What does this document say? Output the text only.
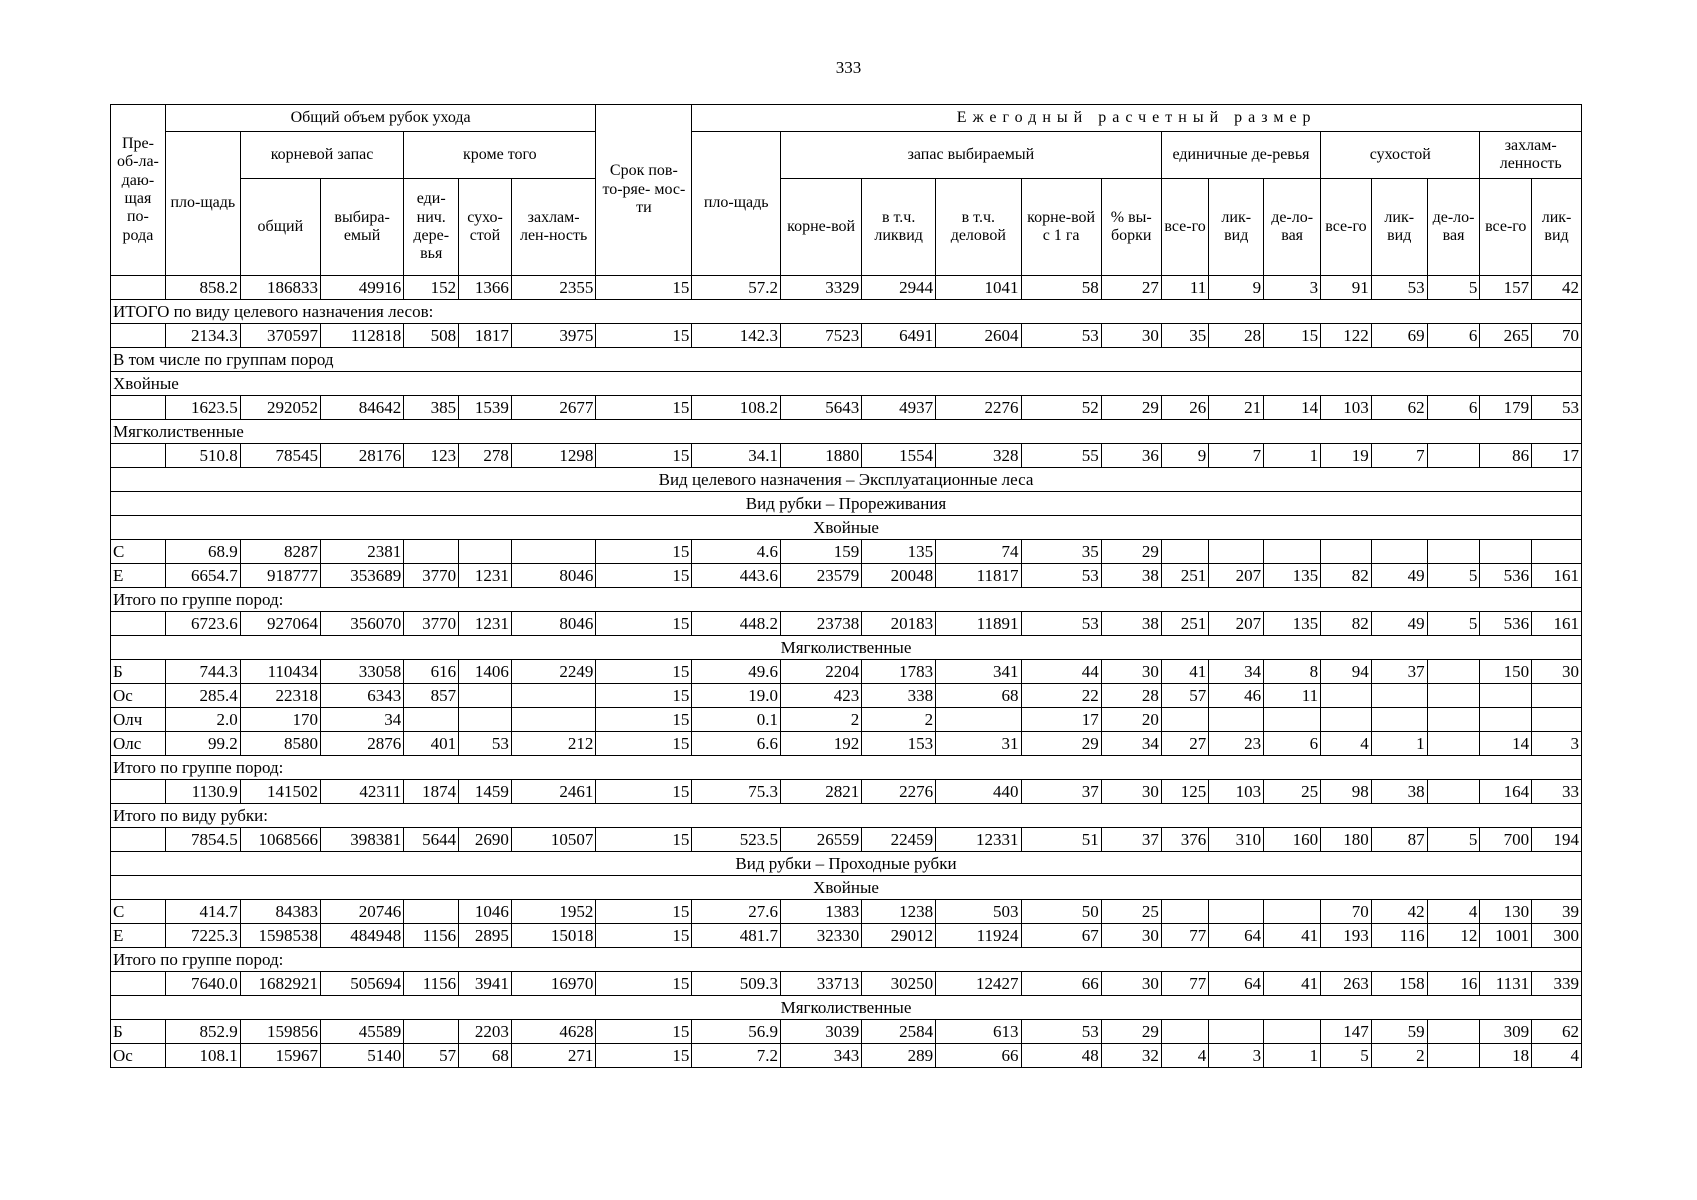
333
Пре-об-ла-даю-щая по-рода	Общий объем рубок ухода						Срок пов- то-ряе- мос-ти	Ежегодный расчетный размер													
	пло-щадь	корневой запас		кроме того				пло-щадь	запас выбираемый					единичные де-ревья			сухостой			захлам-ленность	
		общий	выбира-емый	еди-нич. дере-вья	сухо-стой	захлам-лен-ность			корне-вой	в т.ч. ликвид	в т.ч. деловой	корне-вой с 1 га	% вы-борки	все-го	лик-вид	де-ло-вая	все-го	лик-вид	де-ло-вая	все-го	лик-вид
	858.2	186833	49916	152	1366	2355	15	57.2	3329	2944	1041	58	27	11	9	3	91	53	5	157	42
ИТОГО по виду целевого назначения лесов:																					
	2134.3	370597	112818	508	1817	3975	15	142.3	7523	6491	2604	53	30	35	28	15	122	69	6	265	70
В том числе по группам пород																					
Хвойные																					
	1623.5	292052	84642	385	1539	2677	15	108.2	5643	4937	2276	52	29	26	21	14	103	62	6	179	53
Мягколиственные																					
	510.8	78545	28176	123	278	1298	15	34.1	1880	1554	328	55	36	9	7	1	19	7		86	17
Вид целевого назначения – Эксплуатационные леса																					
Вид рубки – Прореживания																					
Хвойные																					
С	68.9	8287	2381				15	4.6	159	135	74	35	29								
Е	6654.7	918777	353689	3770	1231	8046	15	443.6	23579	20048	11817	53	38	251	207	135	82	49	5	536	161
Итого по группе пород:																					
	6723.6	927064	356070	3770	1231	8046	15	448.2	23738	20183	11891	53	38	251	207	135	82	49	5	536	161
Мягколиственные																					
Б	744.3	110434	33058	616	1406	2249	15	49.6	2204	1783	341	44	30	41	34	8	94	37		150	30
Ос	285.4	22318	6343	857			15	19.0	423	338	68	22	28	57	46	11					
Олч	2.0	170	34				15	0.1	2	2		17	20								
Олс	99.2	8580	2876	401	53	212	15	6.6	192	153	31	29	34	27	23	6	4	1		14	3
Итого по группе пород:																					
	1130.9	141502	42311	1874	1459	2461	15	75.3	2821	2276	440	37	30	125	103	25	98	38		164	33
Итого по виду рубки:																					
	7854.5	1068566	398381	5644	2690	10507	15	523.5	26559	22459	12331	51	37	376	310	160	180	87	5	700	194
Вид рубки – Проходные рубки																					
Хвойные																					
С	414.7	84383	20746		1046	1952	15	27.6	1383	1238	503	50	25				70	42	4	130	39
Е	7225.3	1598538	484948	1156	2895	15018	15	481.7	32330	29012	11924	67	30	77	64	41	193	116	12	1001	300
Итого по группе пород:																					
	7640.0	1682921	505694	1156	3941	16970	15	509.3	33713	30250	12427	66	30	77	64	41	263	158	16	1131	339
Мягколиственные																					
Б	852.9	159856	45589		2203	4628	15	56.9	3039	2584	613	53	29				147	59		309	62
Ос	108.1	15967	5140	57	68	271	15	7.2	343	289	66	48	32	4	3	1	5	2		18	4
